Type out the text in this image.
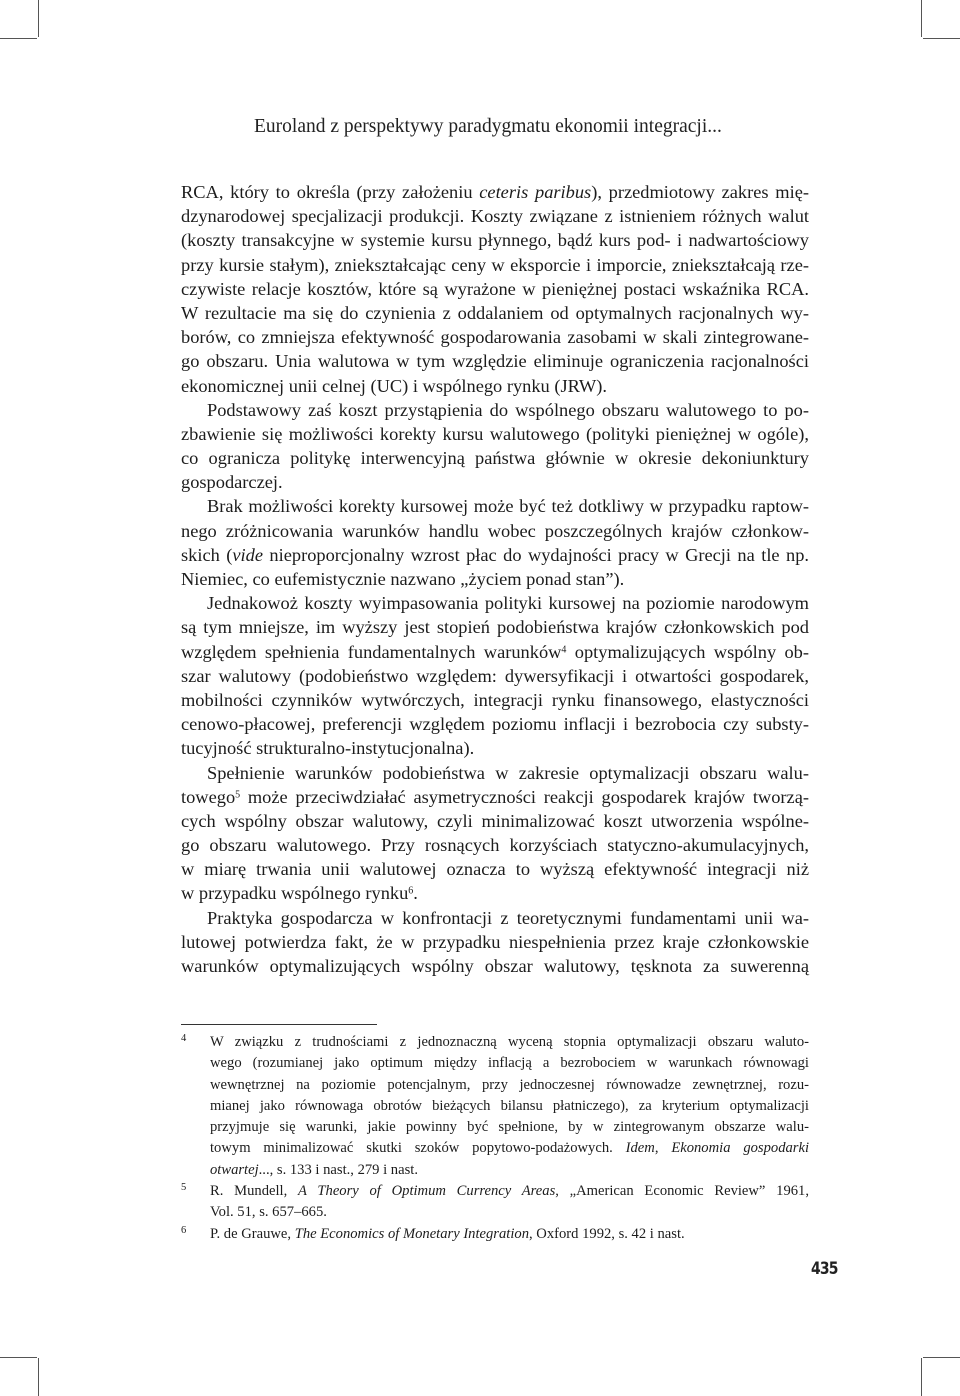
Euroland z perspektywy paradygmatu ekonomii integracji...
RCA, który to określa (przy założeniu ceteris paribus), przedmiotowy zakres mię-
dzynarodowej specjalizacji produkcji. Koszty związane z istnieniem różnych walut
(koszty transakcyjne w systemie kursu płynnego, bądź kurs pod- i nadwartościowy
przy kursie stałym), zniekształcając ceny w eksporcie i imporcie, zniekształcają rze-
czywiste relacje kosztów, które są wyrażone w pieniężnej postaci wskaźnika RCA.
W rezultacie ma się do czynienia z oddalaniem od optymalnych racjonalnych wy-
borów, co zmniejsza efektywność gospodarowania zasobami w skali zintegrowane-
go obszaru. Unia walutowa w tym względzie eliminuje ograniczenia racjonalności
ekonomicznej unii celnej (UC) i wspólnego rynku (JRW).
Podstawowy zaś koszt przystąpienia do wspólnego obszaru walutowego to po-
zbawienie się możliwości korekty kursu walutowego (polityki pieniężnej w ogóle),
co ogranicza politykę interwencyjną państwa głównie w okresie dekoniunktury
gospodarczej.
Brak możliwości korekty kursowej może być też dotkliwy w przypadku raptow-
nego zróżnicowania warunków handlu wobec poszczególnych krajów członkow-
skich (vide nieproporcjonalny wzrost płac do wydajności pracy w Grecji na tle np.
Niemiec, co eufemistycznie nazwano „życiem ponad stan”).
Jednakowoż koszty wyimpasowania polityki kursowej na poziomie narodowym
są tym mniejsze, im wyższy jest stopień podobieństwa krajów członkowskich pod
względem spełnienia fundamentalnych warunków$^4$ optymalizujących wspólny ob-
szar walutowy (podobieństwo względem: dywersyfikacji i otwartości gospodarek,
mobilności czynników wytwórczych, integracji rynku finansowego, elastyczności
cenowo-płacowej, preferencji względem poziomu inflacji i bezrobocia czy substy-
tucyjność strukturalno-instytucjonalna).
Spełnienie warunków podobieństwa w zakresie optymalizacji obszaru walu-
towego$^5$ może przeciwdziałać asymetryczności reakcji gospodarek krajów tworzą-
cych wspólny obszar walutowy, czyli minimalizować koszt utworzenia wspólne-
go obszaru walutowego. Przy rosnących korzyściach statyczno-akumulacyjnych,
w miarę trwania unii walutowej oznacza to wyższą efektywność integracji niż
w przypadku wspólnego rynku$^6$.
Praktyka gospodarcza w konfrontacji z teoretycznymi fundamentami unii wa-
lutowej potwierdza fakt, że w przypadku niespełnienia przez kraje członkowskie
warunków optymalizujących wspólny obszar walutowy, tęsknota za suwerenną
4 W związku z trudnościami z jednoznaczną wyceną stopnia optymalizacji obszaru waluto-
wego (rozumianej jako optimum między inflacją a bezrobociem w warunkach równowagi
wewnętrznej na poziomie potencjalnym, przy jednoczesnej równowadze zewnętrznej, rozu-
mianej jako równowaga obrotów bieżących bilansu płatniczego), za kryterium optymalizacji
przyjmuje się warunki, jakie powinny być spełnione, by w zintegrowanym obszarze walu-
towym minimalizować skutki szoków popytowo-podażowych. Idem, Ekonomia gospodarki
otwartej..., s. 133 i nast., 279 i nast.
5 R. Mundell, A Theory of Optimum Currency Areas, „American Economic Review” 1961,
Vol. 51, s. 657–665.
6 P. de Grauwe, The Economics of Monetary Integration, Oxford 1992, s. 42 i nast.
435
